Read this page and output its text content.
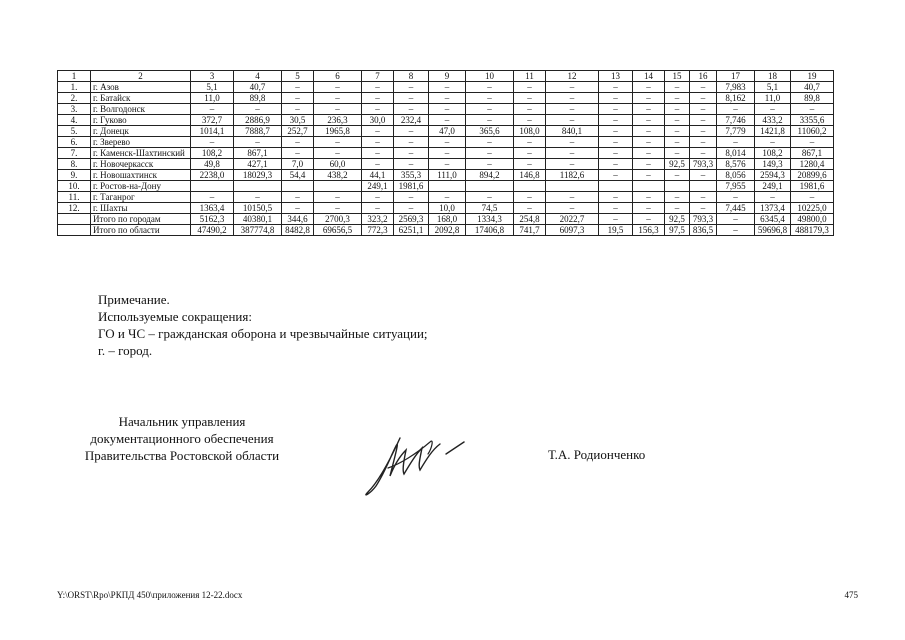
1	2	3	4	5	6	7	8	9	10	11	12	13	14	15	16	17	18	19
1.	г. Азов	5,1	40,7	–	–	–	–	–	–	–	–	–	–	–	–	7,983	5,1	40,7
2.	г. Батайск	11,0	89,8	–	–	–	–	–	–	–	–	–	–	–	–	8,162	11,0	89,8
3.	г. Волгодонск	–	–	–	–	–	–	–	–	–	–	–	–	–	–	–	–	–
4.	г. Гуково	372,7	2886,9	30,5	236,3	30,0	232,4	–	–	–	–	–	–	–	–	7,746	433,2	3355,6
5.	г. Донецк	1014,1	7888,7	252,7	1965,8	–	–	47,0	365,6	108,0	840,1	–	–	–	–	7,779	1421,8	11060,2
6.	г. Зверево	–	–	–	–	–	–	–	–	–	–	–	–	–	–	–	–	–
7.	г. Каменск-Шахтинский	108,2	867,1	–	–	–	–	–	–	–	–	–	–	–	–	8,014	108,2	867,1
8.	г. Новочеркасск	49,8	427,1	7,0	60,0	–	–	–	–	–	–	–	–	92,5	793,3	8,576	149,3	1280,4
9.	г. Новошахтинск	2238,0	18029,3	54,4	438,2	44,1	355,3	111,0	894,2	146,8	1182,6	–	–	–	–	8,056	2594,3	20899,6
10.	г. Ростов-на-Дону					249,1	1981,6									7,955	249,1	1981,6
11.	г. Таганрог	–	–	–	–	–	–	–	–	–	–	–	–	–	–	–	–	–
12.	г. Шахты	1363,4	10150,5	–	–	–	–	10,0	74,5	–	–	–	–	–	–	7,445	1373,4	10225,0
	Итого по городам	5162,3	40380,1	344,6	2700,3	323,2	2569,3	168,0	1334,3	254,8	2022,7	–	–	92,5	793,3	–	6345,4	49800,0
	Итого по области	47490,2	387774,8	8482,8	69656,5	772,3	6251,1	2092,8	17406,8	741,7	6097,3	19,5	156,3	97,5	836,5	–	59696,8	488179,3
Примечание.
Используемые сокращения:
ГО и ЧС – гражданская оборона и чрезвычайные ситуации;
г. – город.
Начальник управления
документационного обеспечения
Правительства Ростовской области	Т.А. Родионченко
Y:\ORST\Rpo\РКПД 450\приложения 12-22.docx	475
